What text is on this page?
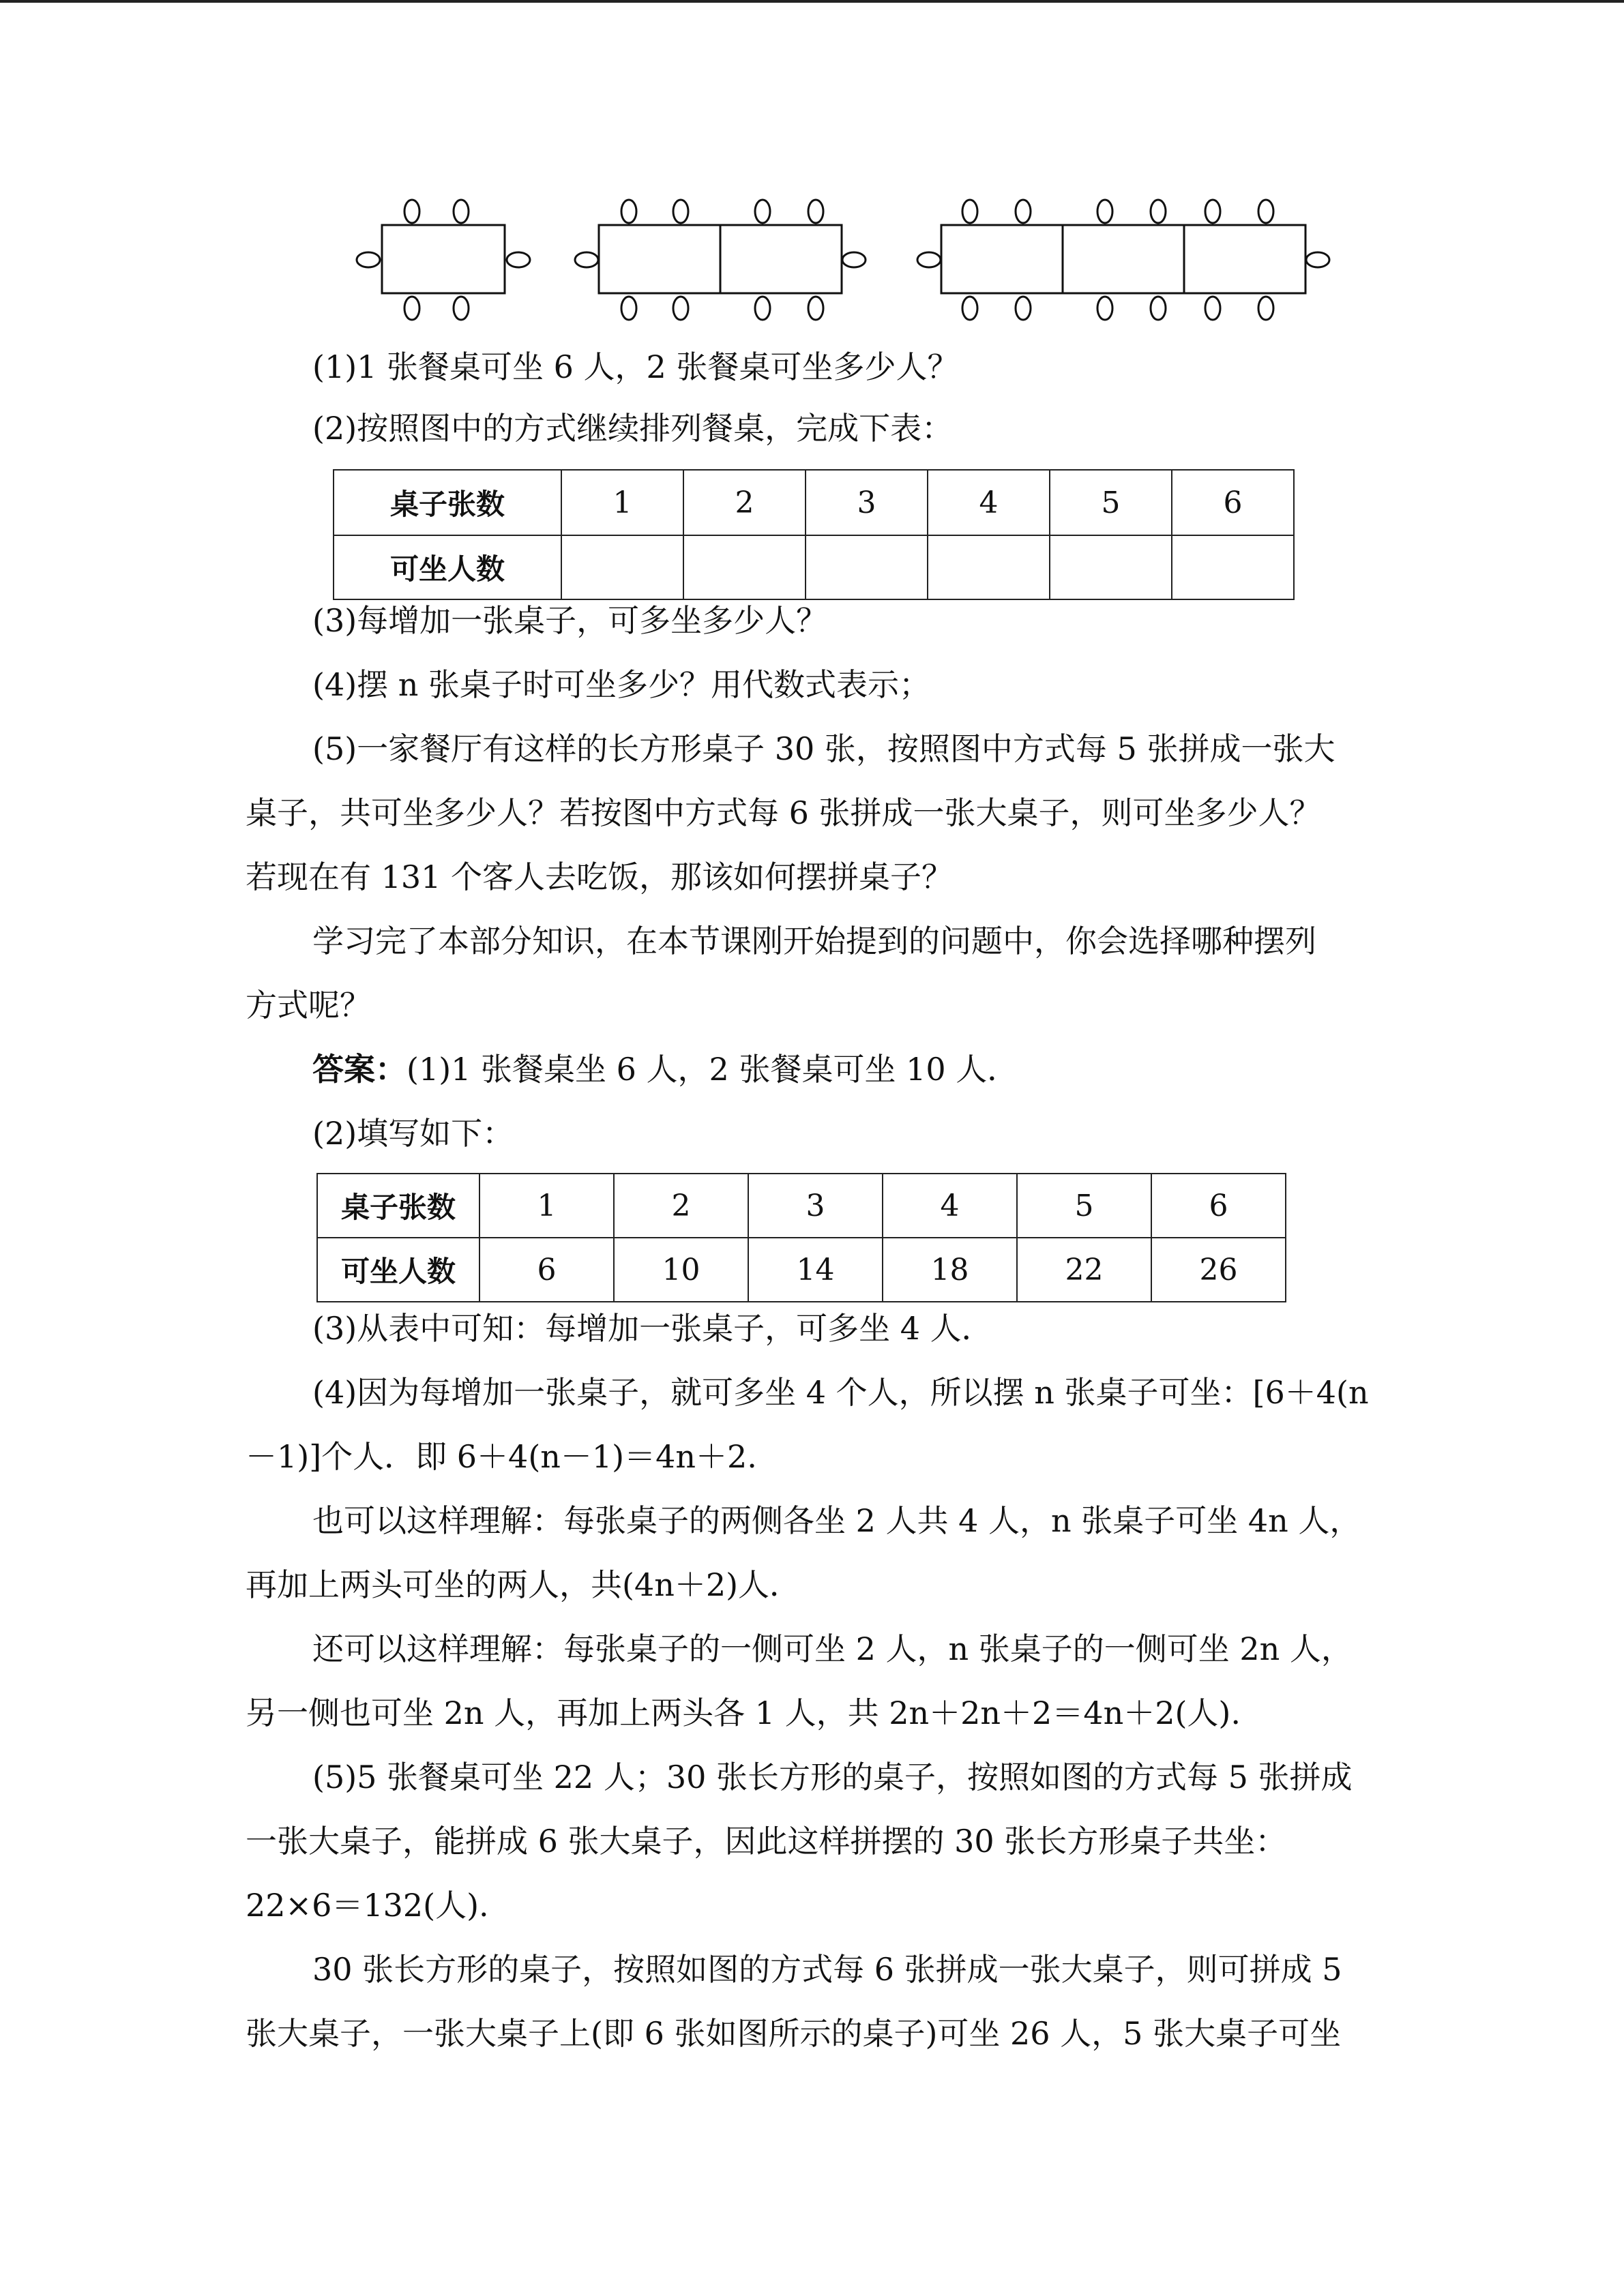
(1)1 张餐桌可坐 6 人，2 张餐桌可坐多少人？
(2)按照图中的方式继续排列餐桌，完成下表：
桌子张数	1	2	3	4	5	6
可坐人数						
(3)每增加一张桌子，可多坐多少人？
(4)摆 n 张桌子时可坐多少？用代数式表示；
(5)一家餐厅有这样的长方形桌子 30 张，按照图中方式每 5 张拼成一张大
桌子，共可坐多少人？若按图中方式每 6 张拼成一张大桌子，则可坐多少人？
若现在有 131 个客人去吃饭，那该如何摆拼桌子？
学习完了本部分知识，在本节课刚开始提到的问题中，你会选择哪种摆列
方式呢？
答案：(1)1 张餐桌坐 6 人，2 张餐桌可坐 10 人．
(2)填写如下：
桌子张数	1	2	3	4	5	6
可坐人数	6	10	14	18	22	26
(3)从表中可知：每增加一张桌子，可多坐 4 人．
(4)因为每增加一张桌子，就可多坐 4 个人，所以摆 n 张桌子可坐：[6＋4(n
－1)]个人．即 6＋4(n－1)＝4n＋2.
也可以这样理解：每张桌子的两侧各坐 2 人共 4 人，n 张桌子可坐 4n 人，
再加上两头可坐的两人，共(4n＋2)人．
还可以这样理解：每张桌子的一侧可坐 2 人，n 张桌子的一侧可坐 2n 人，
另一侧也可坐 2n 人，再加上两头各 1 人，共 2n＋2n＋2＝4n＋2(人).
(5)5 张餐桌可坐 22 人；30 张长方形的桌子，按照如图的方式每 5 张拼成
一张大桌子，能拼成 6 张大桌子，因此这样拼摆的 30 张长方形桌子共坐：
22×6＝132(人).
30 张长方形的桌子，按照如图的方式每 6 张拼成一张大桌子，则可拼成 5
张大桌子，一张大桌子上(即 6 张如图所示的桌子)可坐 26 人，5 张大桌子可坐
